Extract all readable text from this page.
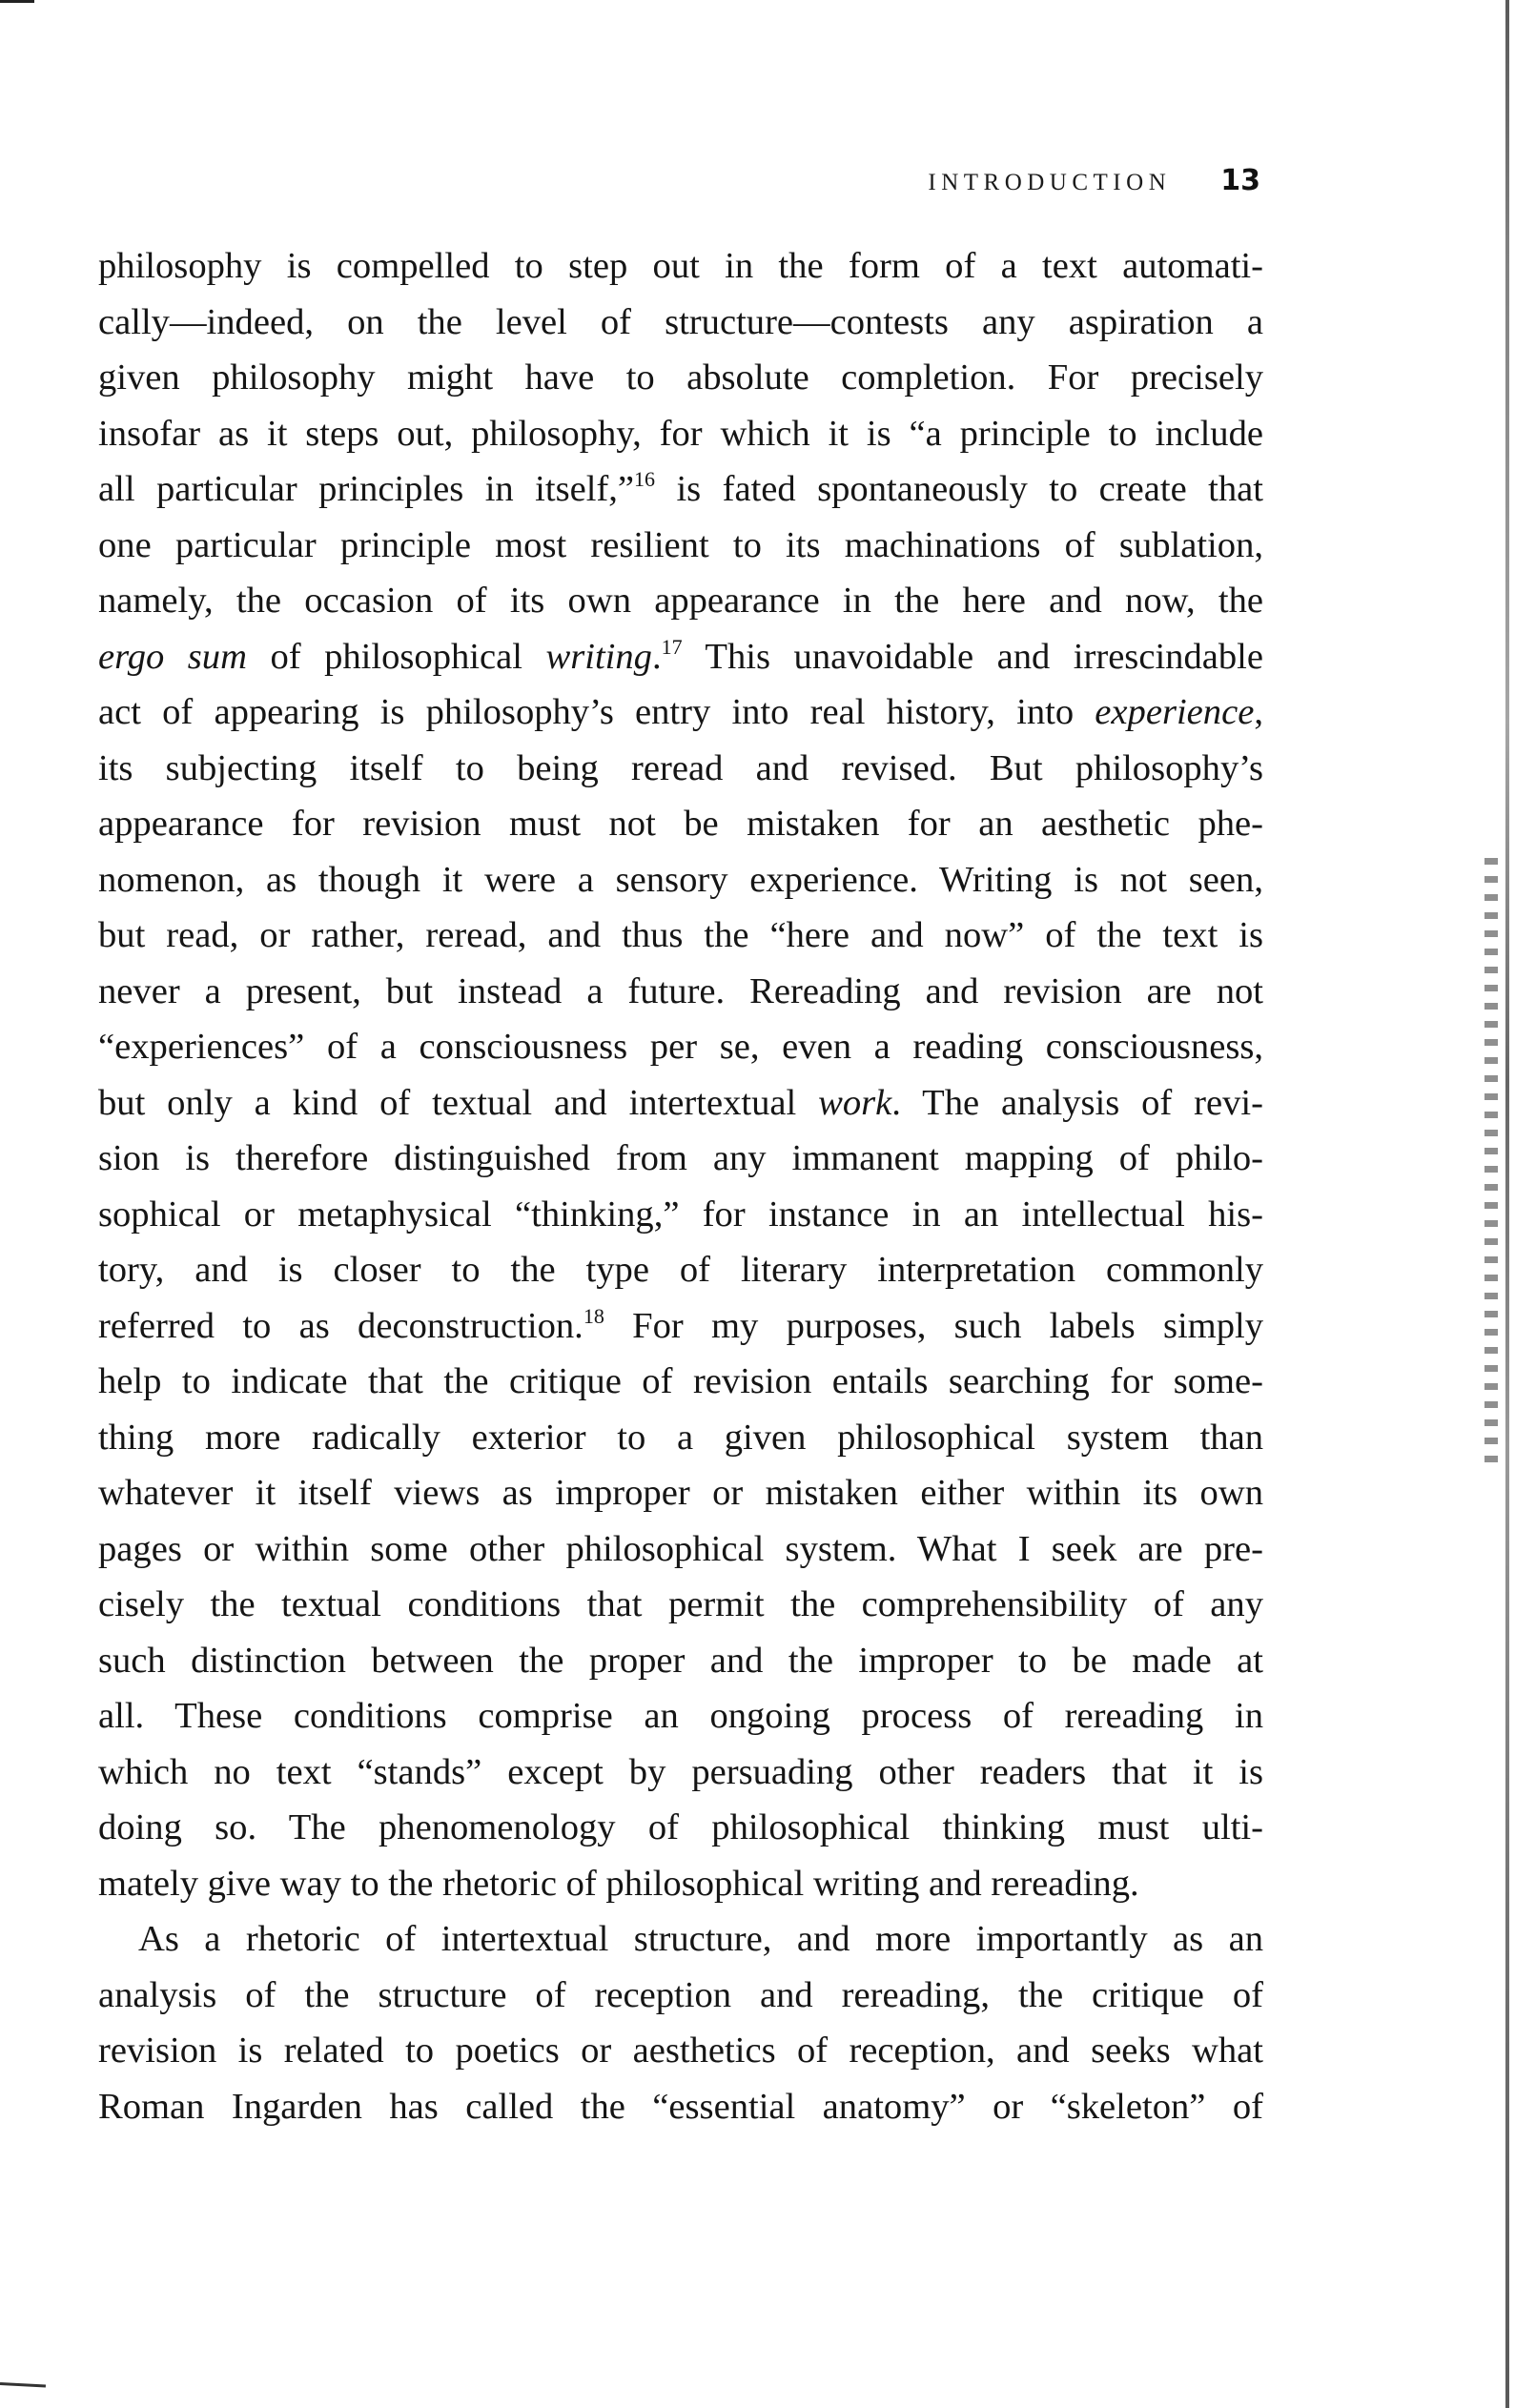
INTRODUCTION 13
philosophy is compelled to step out in the form of a text automati-
cally—indeed, on the level of structure—contests any aspiration a
given philosophy might have to absolute completion. For precisely
insofar as it steps out, philosophy, for which it is “a principle to include
all particular principles in itself,”$^{16}$ is fated spontaneously to create that
one particular principle most resilient to its machinations of sublation,
namely, the occasion of its own appearance in the here and now, the
ergo sum of philosophical writing.$^{17}$ This unavoidable and irrescindable
act of appearing is philosophy’s entry into real history, into experience,
its subjecting itself to being reread and revised. But philosophy’s
appearance for revision must not be mistaken for an aesthetic phe-
nomenon, as though it were a sensory experience. Writing is not seen,
but read, or rather, reread, and thus the “here and now” of the text is
never a present, but instead a future. Rereading and revision are not
“experiences” of a consciousness per se, even a reading consciousness,
but only a kind of textual and intertextual work. The analysis of revi-
sion is therefore distinguished from any immanent mapping of philo-
sophical or metaphysical “thinking,” for instance in an intellectual his-
tory, and is closer to the type of literary interpretation commonly
referred to as deconstruction.$^{18}$ For my purposes, such labels simply
help to indicate that the critique of revision entails searching for some-
thing more radically exterior to a given philosophical system than
whatever it itself views as improper or mistaken either within its own
pages or within some other philosophical system. What I seek are pre-
cisely the textual conditions that permit the comprehensibility of any
such distinction between the proper and the improper to be made at
all. These conditions comprise an ongoing process of rereading in
which no text “stands” except by persuading other readers that it is
doing so. The phenomenology of philosophical thinking must ulti-
mately give way to the rhetoric of philosophical writing and rereading.
As a rhetoric of intertextual structure, and more importantly as an
analysis of the structure of reception and rereading, the critique of
revision is related to poetics or aesthetics of reception, and seeks what
Roman Ingarden has called the “essential anatomy” or “skeleton” of
